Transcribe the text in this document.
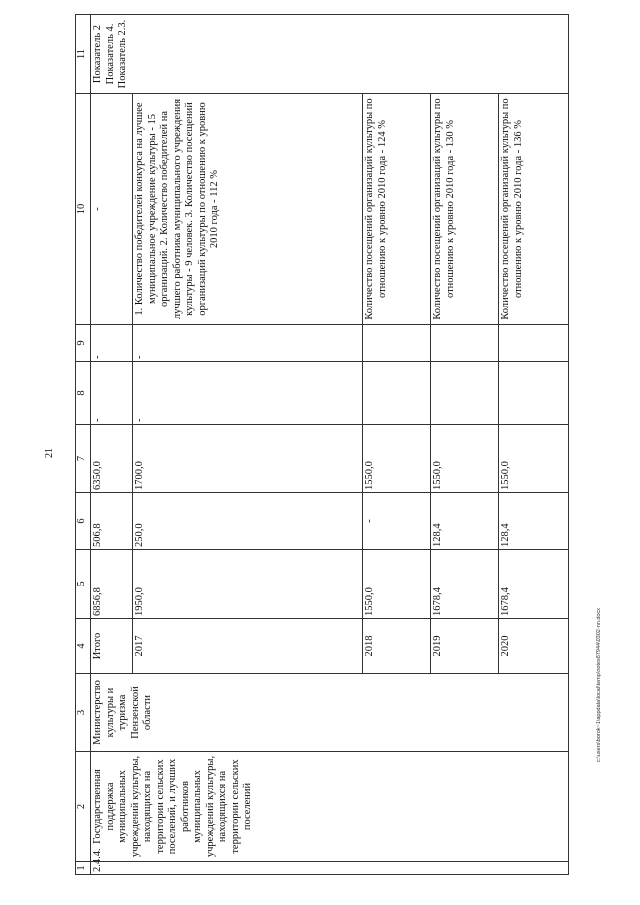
21
c:\users\borok~1\appdata\local\temp\notes87944\0302-nn.docx
1	2	3	4	5	6	7	8	9	10	11
2.4.4.	Государственная поддержка муниципальных учреждений культуры, находящихся на территории сельских поселений, и лучших работников муниципальных учреждений культуры, находящихся на территории сельских поселений	Министерство культуры и туризма Пензенской области	Итого	6856,8	506,8	6350,0	-	-	-	Показатель 2 Показатель 4. Показатель 2.3.
			2017	1950,0	250,0	1700,0	-	-	1. Количество победителей конкурса на лучшее муниципальное учреждение культуры - 15 организаций. 2. Количество победителей на лучшего работника муниципального учреждения культуры - 9 человек. 3. Количество посещений организаций культуры по отношению к уровню 2010 года - 112 %	
			2018	1550,0	-	1550,0			Количество посещений организаций культуры по отношению к уровню 2010 года - 124 %	
			2019	1678,4	128,4	1550,0			Количество посещений организаций культуры по отношению к уровню 2010 года - 130 %	
			2020	1678,4	128,4	1550,0			Количество посещений организаций культуры по отношению к уровню 2010 года - 136 %	
